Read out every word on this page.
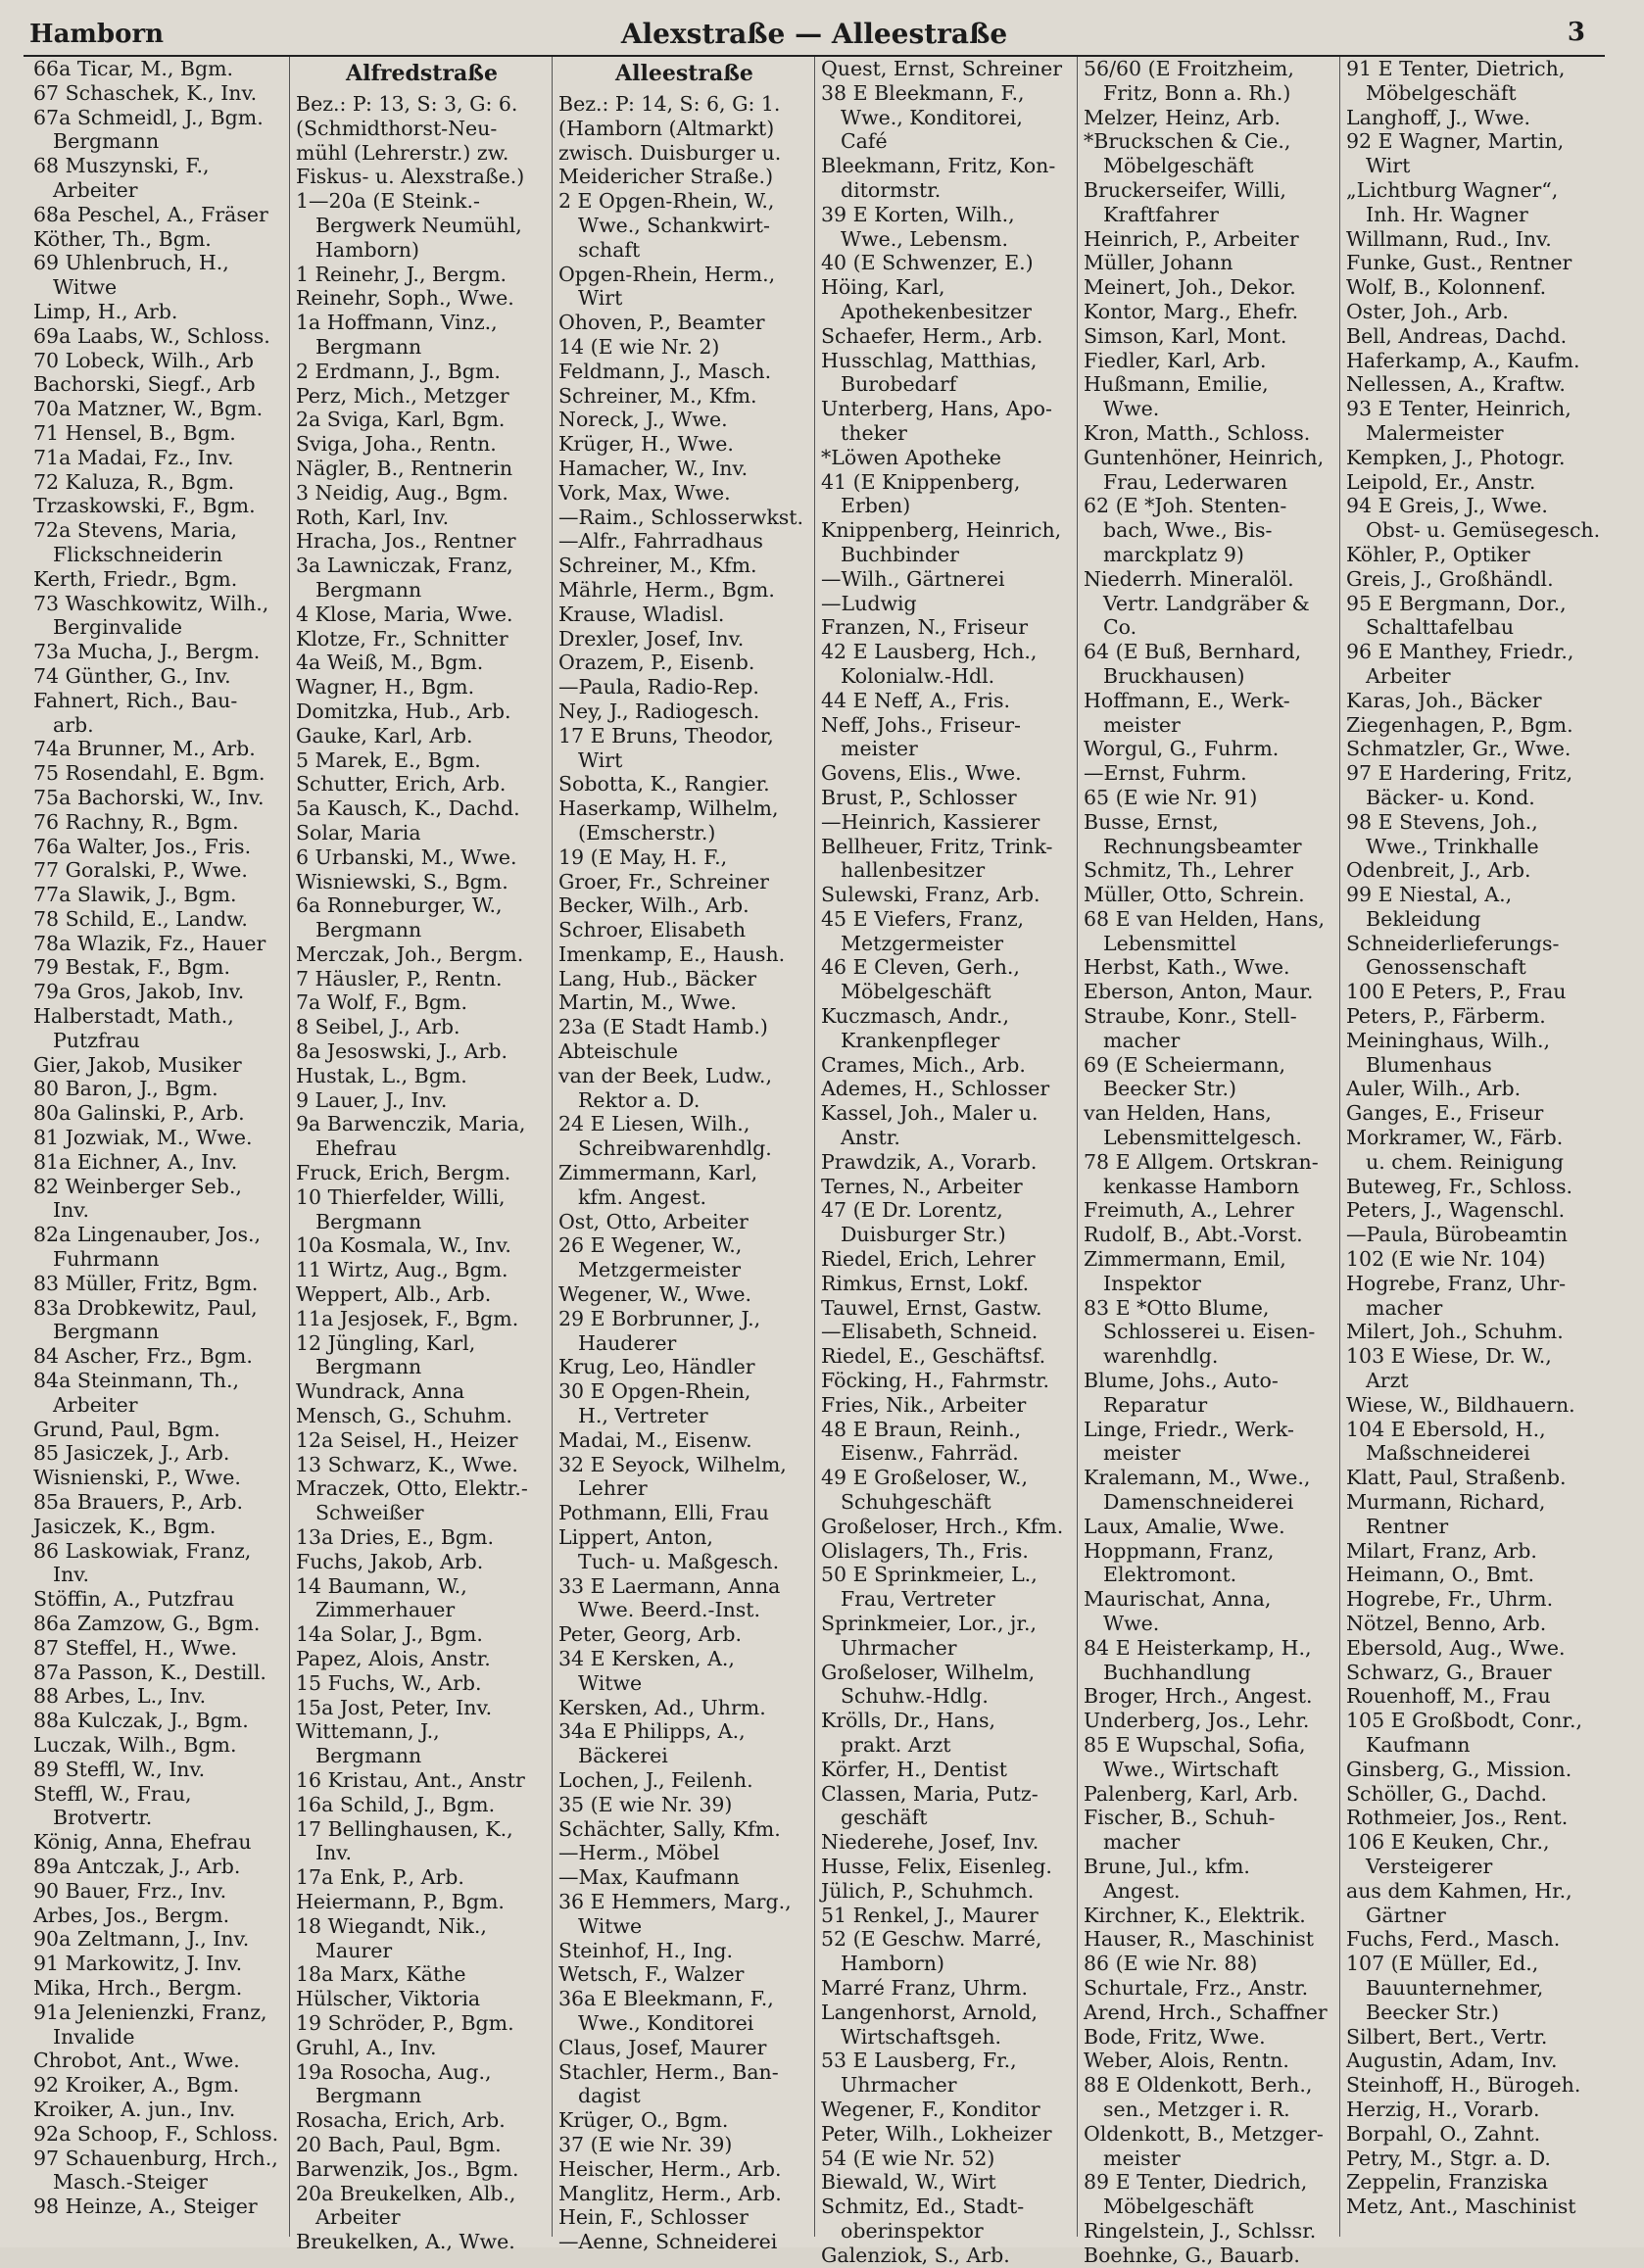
Hamborn	Alexstraße — Alleestraße	3
66a Ticar, M., Bgm.
67 Schaschek, K., Inv.
67a Schmeidl, J., Bgm.
Bergmann
68 Muszynski, F.,
Arbeiter
68a Peschel, A., Fräser
Köther, Th., Bgm.
69 Uhlenbruch, H.,
Witwe
Limp, H., Arb.
69a Laabs, W., Schloss.
70 Lobeck, Wilh., Arb
Bachorski, Siegf., Arb
70a Matzner, W., Bgm.
71 Hensel, B., Bgm.
71a Madai, Fz., Inv.
72 Kaluza, R., Bgm.
Trzaskowski, F., Bgm.
72a Stevens, Maria,
Flickschneiderin
Kerth, Friedr., Bgm.
73 Waschkowitz, Wilh.,
Berginvalide
73a Mucha, J., Bergm.
74 Günther, G., Inv.
Fahnert, Rich., Bau-
arb.
74a Brunner, M., Arb.
75 Rosendahl, E. Bgm.
75a Bachorski, W., Inv.
76 Rachny, R., Bgm.
76a Walter, Jos., Fris.
77 Goralski, P., Wwe.
77a Slawik, J., Bgm.
78 Schild, E., Landw.
78a Wlazik, Fz., Hauer
79 Bestak, F., Bgm.
79a Gros, Jakob, Inv.
Halberstadt, Math.,
Putzfrau
Gier, Jakob, Musiker
80 Baron, J., Bgm.
80a Galinski, P., Arb.
81 Jozwiak, M., Wwe.
81a Eichner, A., Inv.
82 Weinberger Seb.,
Inv.
82a Lingenauber, Jos.,
Fuhrmann
83 Müller, Fritz, Bgm.
83a Drobkewitz, Paul,
Bergmann
84 Ascher, Frz., Bgm.
84a Steinmann, Th.,
Arbeiter
Grund, Paul, Bgm.
85 Jasiczek, J., Arb.
Wisnienski, P., Wwe.
85a Brauers, P., Arb.
Jasiczek, K., Bgm.
86 Laskowiak, Franz,
Inv.
Stöffin, A., Putzfrau
86a Zamzow, G., Bgm.
87 Steffel, H., Wwe.
87a Passon, K., Destill.
88 Arbes, L., Inv.
88a Kulczak, J., Bgm.
Luczak, Wilh., Bgm.
89 Steffl, W., Inv.
Steffl, W., Frau,
Brotvertr.
König, Anna, Ehefrau
89a Antczak, J., Arb.
90 Bauer, Frz., Inv.
Arbes, Jos., Bergm.
90a Zeltmann, J., Inv.
91 Markowitz, J. Inv.
Mika, Hrch., Bergm.
91a Jelenienzki, Franz,
Invalide
Chrobot, Ant., Wwe.
92 Kroiker, A., Bgm.
Kroiker, A. jun., Inv.
92a Schoop, F., Schloss.
97 Schauenburg, Hrch.,
Masch.-Steiger
98 Heinze, A., Steiger
Alfredstraße
Bez.: P: 13, S: 3, G: 6.
(Schmidthorst-Neu-
mühl (Lehrerstr.) zw.
Fiskus- u. Alexstraße.)
1—20a (E Steink.-
Bergwerk Neumühl,
Hamborn)
1 Reinehr, J., Bergm.
Reinehr, Soph., Wwe.
1a Hoffmann, Vinz.,
Bergmann
2 Erdmann, J., Bgm.
Perz, Mich., Metzger
2a Sviga, Karl, Bgm.
Sviga, Joha., Rentn.
Nägler, B., Rentnerin
3 Neidig, Aug., Bgm.
Roth, Karl, Inv.
Hracha, Jos., Rentner
3a Lawniczak, Franz,
Bergmann
4 Klose, Maria, Wwe.
Klotze, Fr., Schnitter
4a Weiß, M., Bgm.
Wagner, H., Bgm.
Domitzka, Hub., Arb.
Gauke, Karl, Arb.
5 Marek, E., Bgm.
Schutter, Erich, Arb.
5a Kausch, K., Dachd.
Solar, Maria
6 Urbanski, M., Wwe.
Wisniewski, S., Bgm.
6a Ronneburger, W.,
Bergmann
Merczak, Joh., Bergm.
7 Häusler, P., Rentn.
7a Wolf, F., Bgm.
8 Seibel, J., Arb.
8a Jesoswski, J., Arb.
Hustak, L., Bgm.
9 Lauer, J., Inv.
9a Barwenczik, Maria,
Ehefrau
Fruck, Erich, Bergm.
10 Thierfelder, Willi,
Bergmann
10a Kosmala, W., Inv.
11 Wirtz, Aug., Bgm.
Weppert, Alb., Arb.
11a Jesjosek, F., Bgm.
12 Jüngling, Karl,
Bergmann
Wundrack, Anna
Mensch, G., Schuhm.
12a Seisel, H., Heizer
13 Schwarz, K., Wwe.
Mraczek, Otto, Elektr.-
Schweißer
13a Dries, E., Bgm.
Fuchs, Jakob, Arb.
14 Baumann, W.,
Zimmerhauer
14a Solar, J., Bgm.
Papez, Alois, Anstr.
15 Fuchs, W., Arb.
15a Jost, Peter, Inv.
Wittemann, J.,
Bergmann
16 Kristau, Ant., Anstr
16a Schild, J., Bgm.
17 Bellinghausen, K.,
Inv.
17a Enk, P., Arb.
Heiermann, P., Bgm.
18 Wiegandt, Nik.,
Maurer
18a Marx, Käthe
Hülscher, Viktoria
19 Schröder, P., Bgm.
Gruhl, A., Inv.
19a Rosocha, Aug.,
Bergmann
Rosacha, Erich, Arb.
20 Bach, Paul, Bgm.
Barwenzik, Jos., Bgm.
20a Breukelken, Alb.,
Arbeiter
Breukelken, A., Wwe.
Alleestraße
Bez.: P: 14, S: 6, G: 1.
(Hamborn (Altmarkt)
zwisch. Duisburger u.
Meidericher Straße.)
2 E Opgen-Rhein, W.,
Wwe., Schankwirt-
schaft
Opgen-Rhein, Herm.,
Wirt
Ohoven, P., Beamter
14 (E wie Nr. 2)
Feldmann, J., Masch.
Schreiner, M., Kfm.
Noreck, J., Wwe.
Krüger, H., Wwe.
Hamacher, W., Inv.
Vork, Max, Wwe.
—Raim., Schlosserwkst.
—Alfr., Fahrradhaus
Schreiner, M., Kfm.
Mährle, Herm., Bgm.
Krause, Wladisl.
Drexler, Josef, Inv.
Orazem, P., Eisenb.
—Paula, Radio-Rep.
Ney, J., Radiogesch.
17 E Bruns, Theodor,
Wirt
Sobotta, K., Rangier.
Haserkamp, Wilhelm,
(Emscherstr.)
19 (E May, H. F.,
Groer, Fr., Schreiner
Becker, Wilh., Arb.
Schroer, Elisabeth
Imenkamp, E., Haush.
Lang, Hub., Bäcker
Martin, M., Wwe.
23a (E Stadt Hamb.)
Abteischule
van der Beek, Ludw.,
Rektor a. D.
24 E Liesen, Wilh.,
Schreibwarenhdlg.
Zimmermann, Karl,
kfm. Angest.
Ost, Otto, Arbeiter
26 E Wegener, W.,
Metzgermeister
Wegener, W., Wwe.
29 E Borbrunner, J.,
Hauderer
Krug, Leo, Händler
30 E Opgen-Rhein,
H., Vertreter
Madai, M., Eisenw.
32 E Seyock, Wilhelm,
Lehrer
Pothmann, Elli, Frau
Lippert, Anton,
Tuch- u. Maßgesch.
33 E Laermann, Anna
Wwe. Beerd.-Inst.
Peter, Georg, Arb.
34 E Kersken, A.,
Witwe
Kersken, Ad., Uhrm.
34a E Philipps, A.,
Bäckerei
Lochen, J., Feilenh.
35 (E wie Nr. 39)
Schächter, Sally, Kfm.
—Herm., Möbel
—Max, Kaufmann
36 E Hemmers, Marg.,
Witwe
Steinhof, H., Ing.
Wetsch, F., Walzer
36a E Bleekmann, F.,
Wwe., Konditorei
Claus, Josef, Maurer
Stachler, Herm., Ban-
dagist
Krüger, O., Bgm.
37 (E wie Nr. 39)
Heischer, Herm., Arb.
Manglitz, Herm., Arb.
Hein, F., Schlosser
—Aenne, Schneiderei
Quest, Ernst, Schreiner
38 E Bleekmann, F.,
Wwe., Konditorei,
Café
Bleekmann, Fritz, Kon-
ditormstr.
39 E Korten, Wilh.,
Wwe., Lebensm.
40 (E Schwenzer, E.)
Höing, Karl,
Apothekenbesitzer
Schaefer, Herm., Arb.
Husschlag, Matthias,
Burobedarf
Unterberg, Hans, Apo-
theker
*Löwen Apotheke
41 (E Knippenberg,
Erben)
Knippenberg, Heinrich,
Buchbinder
—Wilh., Gärtnerei
—Ludwig
Franzen, N., Friseur
42 E Lausberg, Hch.,
Kolonialw.-Hdl.
44 E Neff, A., Fris.
Neff, Johs., Friseur-
meister
Govens, Elis., Wwe.
Brust, P., Schlosser
—Heinrich, Kassierer
Bellheuer, Fritz, Trink-
hallenbesitzer
Sulewski, Franz, Arb.
45 E Viefers, Franz,
Metzgermeister
46 E Cleven, Gerh.,
Möbelgeschäft
Kuczmasch, Andr.,
Krankenpfleger
Crames, Mich., Arb.
Ademes, H., Schlosser
Kassel, Joh., Maler u.
Anstr.
Prawdzik, A., Vorarb.
Ternes, N., Arbeiter
47 (E Dr. Lorentz,
Duisburger Str.)
Riedel, Erich, Lehrer
Rimkus, Ernst, Lokf.
Tauwel, Ernst, Gastw.
—Elisabeth, Schneid.
Riedel, E., Geschäftsf.
Föcking, H., Fahrmstr.
Fries, Nik., Arbeiter
48 E Braun, Reinh.,
Eisenw., Fahrräd.
49 E Großeloser, W.,
Schuhgeschäft
Großeloser, Hrch., Kfm.
Olislagers, Th., Fris.
50 E Sprinkmeier, L.,
Frau, Vertreter
Sprinkmeier, Lor., jr.,
Uhrmacher
Großeloser, Wilhelm,
Schuhw.-Hdlg.
Krölls, Dr., Hans,
prakt. Arzt
Körfer, H., Dentist
Classen, Maria, Putz-
geschäft
Niederehe, Josef, Inv.
Husse, Felix, Eisenleg.
Jülich, P., Schuhmch.
51 Renkel, J., Maurer
52 (E Geschw. Marré,
Hamborn)
Marré Franz, Uhrm.
Langenhorst, Arnold,
Wirtschaftsgeh.
53 E Lausberg, Fr.,
Uhrmacher
Wegener, F., Konditor
Peter, Wilh., Lokheizer
54 (E wie Nr. 52)
Biewald, W., Wirt
Schmitz, Ed., Stadt-
oberinspektor
Galenziok, S., Arb.
56/60 (E Froitzheim,
Fritz, Bonn a. Rh.)
Melzer, Heinz, Arb.
*Bruckschen & Cie.,
Möbelgeschäft
Bruckerseifer, Willi,
Kraftfahrer
Heinrich, P., Arbeiter
Müller, Johann
Meinert, Joh., Dekor.
Kontor, Marg., Ehefr.
Simson, Karl, Mont.
Fiedler, Karl, Arb.
Hußmann, Emilie,
Wwe.
Kron, Matth., Schloss.
Guntenhöner, Heinrich,
Frau, Lederwaren
62 (E *Joh. Stenten-
bach, Wwe., Bis-
marckplatz 9)
Niederrh. Mineralöl.
Vertr. Landgräber &
Co.
64 (E Buß, Bernhard,
Bruckhausen)
Hoffmann, E., Werk-
meister
Worgul, G., Fuhrm.
—Ernst, Fuhrm.
65 (E wie Nr. 91)
Busse, Ernst,
Rechnungsbeamter
Schmitz, Th., Lehrer
Müller, Otto, Schrein.
68 E van Helden, Hans,
Lebensmittel
Herbst, Kath., Wwe.
Eberson, Anton, Maur.
Straube, Konr., Stell-
macher
69 (E Scheiermann,
Beecker Str.)
van Helden, Hans,
Lebensmittelgesch.
78 E Allgem. Ortskran-
kenkasse Hamborn
Freimuth, A., Lehrer
Rudolf, B., Abt.-Vorst.
Zimmermann, Emil,
Inspektor
83 E *Otto Blume,
Schlosserei u. Eisen-
warenhdlg.
Blume, Johs., Auto-
Reparatur
Linge, Friedr., Werk-
meister
Kralemann, M., Wwe.,
Damenschneiderei
Laux, Amalie, Wwe.
Hoppmann, Franz,
Elektromont.
Maurischat, Anna,
Wwe.
84 E Heisterkamp, H.,
Buchhandlung
Broger, Hrch., Angest.
Underberg, Jos., Lehr.
85 E Wupschal, Sofia,
Wwe., Wirtschaft
Palenberg, Karl, Arb.
Fischer, B., Schuh-
macher
Brune, Jul., kfm.
Angest.
Kirchner, K., Elektrik.
Hauser, R., Maschinist
86 (E wie Nr. 88)
Schurtale, Frz., Anstr.
Arend, Hrch., Schaffner
Bode, Fritz, Wwe.
Weber, Alois, Rentn.
88 E Oldenkott, Berh.,
sen., Metzger i. R.
Oldenkott, B., Metzger-
meister
89 E Tenter, Diedrich,
Möbelgeschäft
Ringelstein, J., Schlssr.
Boehnke, G., Bauarb.
91 E Tenter, Dietrich,
Möbelgeschäft
Langhoff, J., Wwe.
92 E Wagner, Martin,
Wirt
„Lichtburg Wagner“,
Inh. Hr. Wagner
Willmann, Rud., Inv.
Funke, Gust., Rentner
Wolf, B., Kolonnenf.
Oster, Joh., Arb.
Bell, Andreas, Dachd.
Haferkamp, A., Kaufm.
Nellessen, A., Kraftw.
93 E Tenter, Heinrich,
Malermeister
Kempken, J., Photogr.
Leipold, Er., Anstr.
94 E Greis, J., Wwe.
Obst- u. Gemüsegesch.
Köhler, P., Optiker
Greis, J., Großhändl.
95 E Bergmann, Dor.,
Schalttafelbau
96 E Manthey, Friedr.,
Arbeiter
Karas, Joh., Bäcker
Ziegenhagen, P., Bgm.
Schmatzler, Gr., Wwe.
97 E Hardering, Fritz,
Bäcker- u. Kond.
98 E Stevens, Joh.,
Wwe., Trinkhalle
Odenbreit, J., Arb.
99 E Niestal, A.,
Bekleidung
Schneiderlieferungs-
Genossenschaft
100 E Peters, P., Frau
Peters, P., Färberm.
Meininghaus, Wilh.,
Blumenhaus
Auler, Wilh., Arb.
Ganges, E., Friseur
Morkramer, W., Färb.
u. chem. Reinigung
Buteweg, Fr., Schloss.
Peters, J., Wagenschl.
—Paula, Bürobeamtin
102 (E wie Nr. 104)
Hogrebe, Franz, Uhr-
macher
Milert, Joh., Schuhm.
103 E Wiese, Dr. W.,
Arzt
Wiese, W., Bildhauern.
104 E Ebersold, H.,
Maßschneiderei
Klatt, Paul, Straßenb.
Murmann, Richard,
Rentner
Milart, Franz, Arb.
Heimann, O., Bmt.
Hogrebe, Fr., Uhrm.
Nötzel, Benno, Arb.
Ebersold, Aug., Wwe.
Schwarz, G., Brauer
Rouenhoff, M., Frau
105 E Großbodt, Conr.,
Kaufmann
Ginsberg, G., Mission.
Schöller, G., Dachd.
Rothmeier, Jos., Rent.
106 E Keuken, Chr.,
Versteigerer
aus dem Kahmen, Hr.,
Gärtner
Fuchs, Ferd., Masch.
107 (E Müller, Ed.,
Bauunternehmer,
Beecker Str.)
Silbert, Bert., Vertr.
Augustin, Adam, Inv.
Steinhoff, H., Bürogeh.
Herzig, H., Vorarb.
Borpahl, O., Zahnt.
Petry, M., Stgr. a. D.
Zeppelin, Franziska
Metz, Ant., Maschinist
